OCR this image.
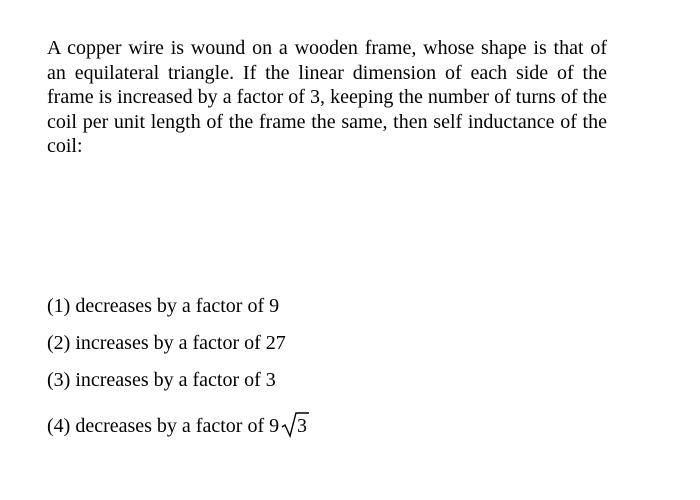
A copper wire is wound on a wooden frame, whose shape is that of an equilateral triangle. If the linear dimension of each side of the frame is increased by a factor of 3, keeping the number of turns of the coil per unit length of the frame the same, then self inductance of the coil:

(1) decreases by a factor of 9
(2) increases by a factor of 27
(3) increases by a factor of 3
(4) decreases by a factor of 9 3
